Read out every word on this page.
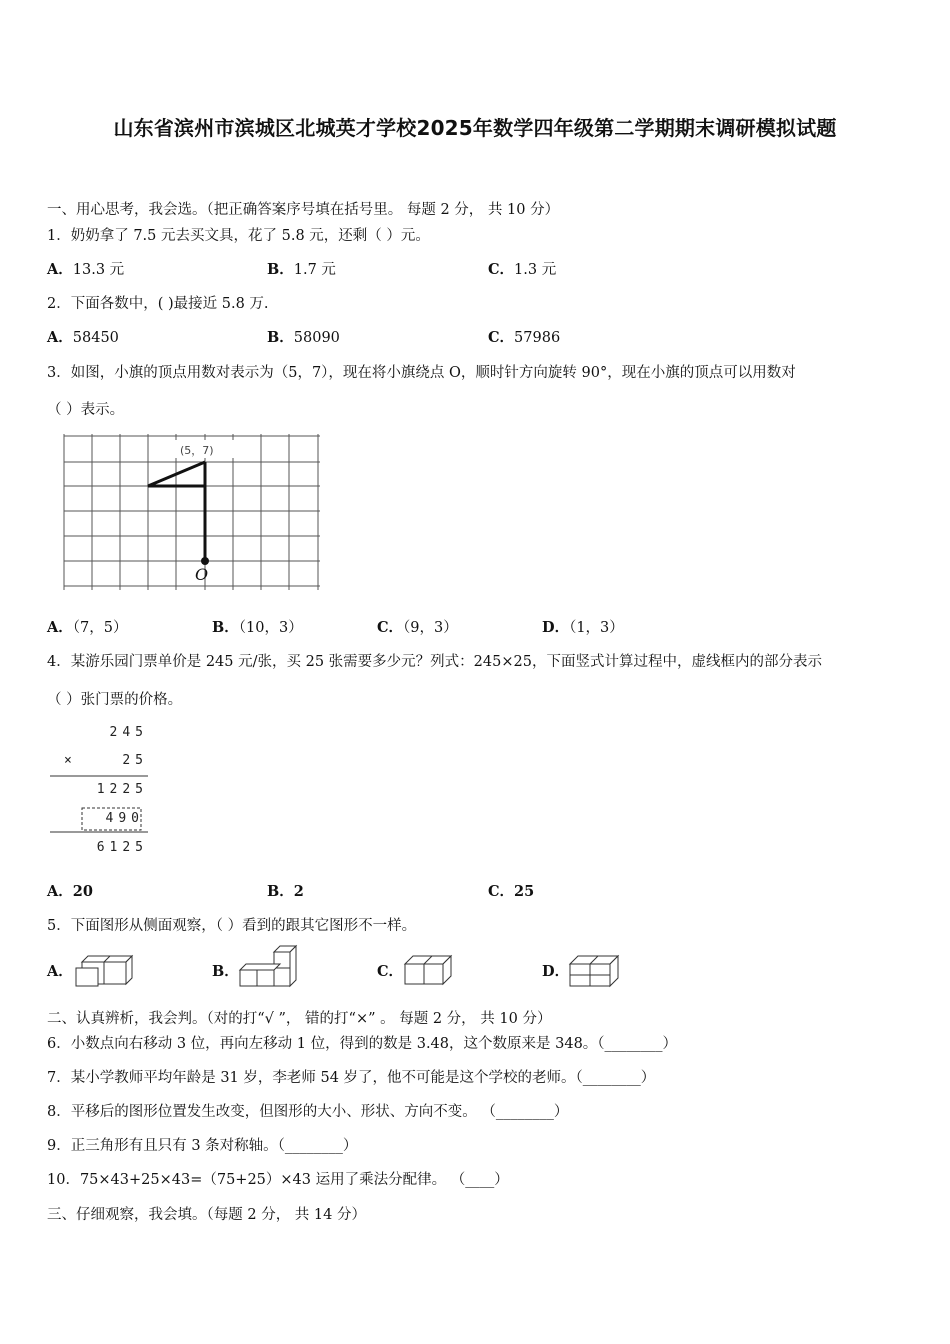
山东省滨州市滨城区北城英才学校2025年数学四年级第二学期期末调研模拟试题
一、用心思考，我会选。（把正确答案序号填在括号里。 每题 2 分， 共 10 分）
1．奶奶拿了 7.5 元去买文具，花了 5.8 元，还剩（ ）元。
A．13.3 元	B．1.7 元	C．1.3 元
2．下面各数中，( )最接近 5.8 万.
A．58450	B．58090	C．57986
3．如图，小旗的顶点用数对表示为（5，7），现在将小旗绕点 O，顺时针方向旋转 90°，现在小旗的顶点可以用数对
（ ）表示。
(5，7)
O
A．（7，5）	B．（10，3）	C．（9，3）	D．（1，3）
4．某游乐园门票单价是 245 元/张，买 25 张需要多少元？列式：245×25，下面竖式计算过程中，虚线框内的部分表示
（ ）张门票的价格。
245
×	25
1225
490
6125
A．20	B．2	C．25
5．下面图形从侧面观察，（ ）看到的跟其它图形不一样。
A．	B．	C．	D．
二、认真辨析，我会判。（对的打“√ ”， 错的打“×” 。 每题 2 分， 共 10 分）
6．小数点向右移动 3 位，再向左移动 1 位，得到的数是 3.48，这个数原来是 348。（________）
7．某小学教师平均年龄是 31 岁，李老师 54 岁了，他不可能是这个学校的老师。（________）
8．平移后的图形位置发生改变，但图形的大小、形状、方向不变。 （________）
9．正三角形有且只有 3 条对称轴。（________）
10．75×43+25×43=（75+25）×43 运用了乘法分配律。 （____）
三、仔细观察，我会填。（每题 2 分， 共 14 分）
